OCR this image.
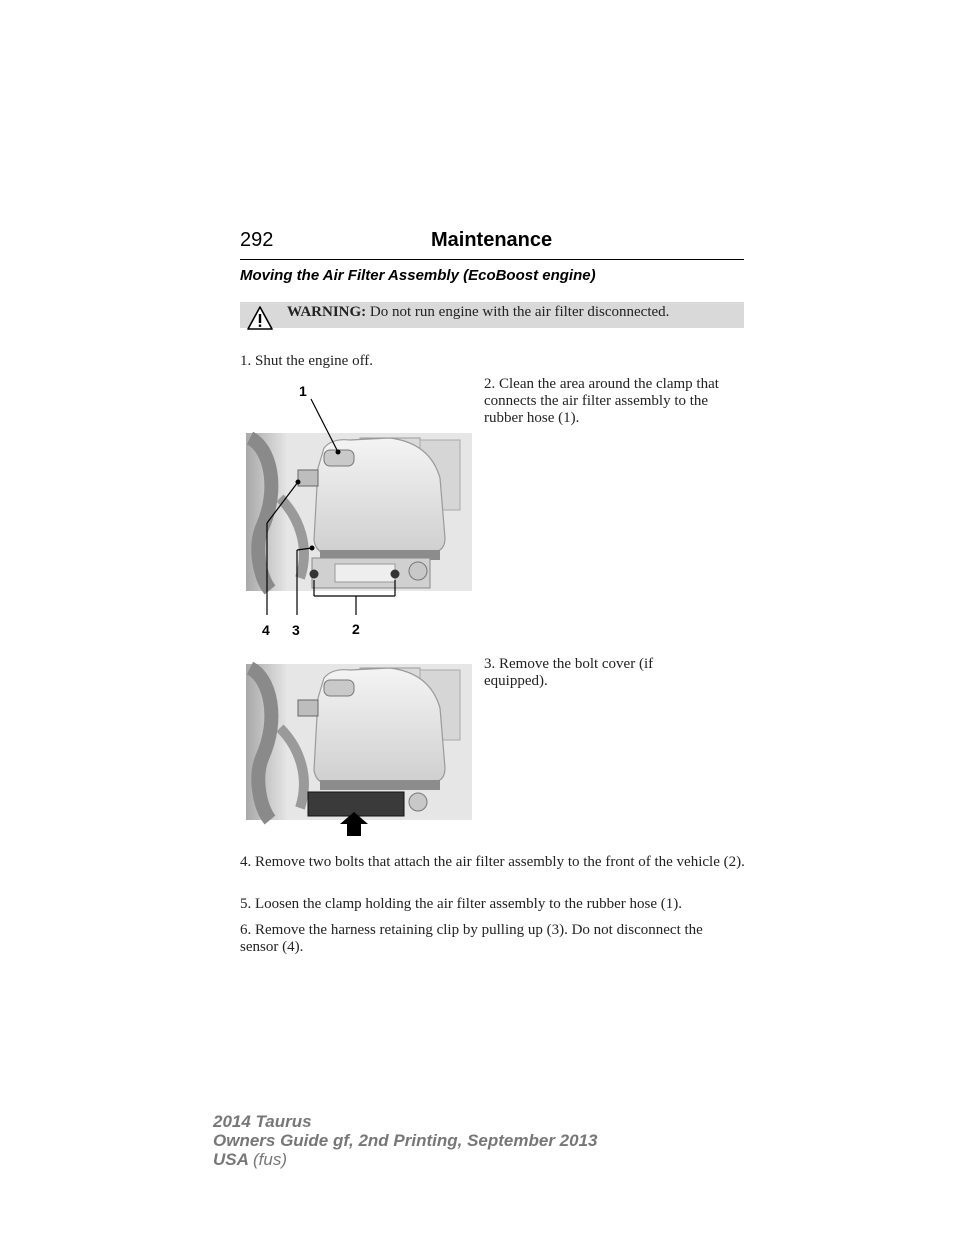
292	Maintenance
Moving the Air Filter Assembly (EcoBoost engine)
WARNING: Do not run engine with the air filter disconnected.
1. Shut the engine off.
1
4 3	2
2. Clean the area around the clamp that connects the air filter assembly to the rubber hose (1).
3. Remove the bolt cover (if equipped).
4. Remove two bolts that attach the air filter assembly to the front of the vehicle (2).
5. Loosen the clamp holding the air filter assembly to the rubber hose (1).
6. Remove the harness retaining clip by pulling up (3). Do not disconnect the sensor (4).
2014 Taurus
Owners Guide gf, 2nd Printing, September 2013
USA (fus)
